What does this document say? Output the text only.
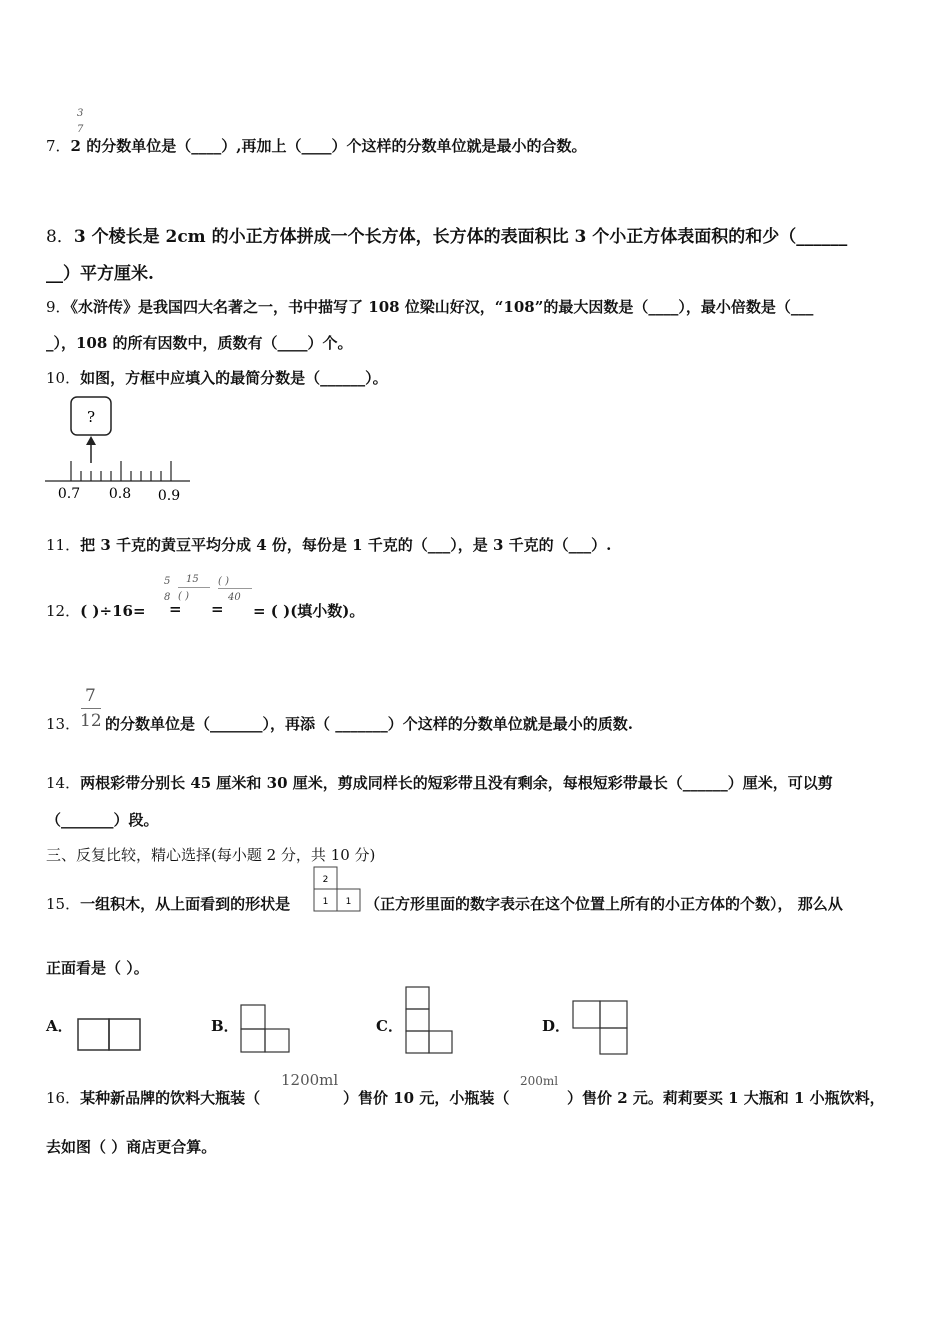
3
7
7．2 的分数单位是（____）,再加上（____）个这样的分数单位就是最小的合数。
8．3 个棱长是 2cm 的小正方体拼成一个长方体，长方体的表面积比 3 个小正方体表面积的和少（______
__）平方厘米.
9．《水浒传》是我国四大名著之一，书中描写了 108 位梁山好汉，“108”的最大因数是（____），最小倍数是（___
_），108 的所有因数中，质数有（____）个。
10．如图，方框中应填入的最简分数是（______）。
?
0.7 0.8 0.9
11．把 3 千克的黄豆平均分成 4 份，每份是 1 千克的（___），是 3 千克的（___）.
5
8
15
( )
( )
40
12．( )÷16= = = = ( )(填小数)。
7
12
13． 的分数单位是（_______），再添（ _______）个这样的分数单位就是最小的质数.
14．两根彩带分别长 45 厘米和 30 厘米，剪成同样长的短彩带且没有剩余，每根短彩带最长（______）厘米，可以剪
（_______）段。
三、反复比较，精心选择(每小题 2 分，共 10 分)
15．一组积木，从上面看到的形状是
2
1 1 （正方形里面的数字表示在这个位置上所有的小正方体的个数）， 那么从
正面看是（ ）。
A．	B．	C．	D．
16．某种新品牌的饮料大瓶装（
1200ml
）售价 10 元，小瓶装（
200ml
）售价 2 元。莉莉要买 1 大瓶和 1 小瓶饮料，
去如图（ ）商店更合算。
